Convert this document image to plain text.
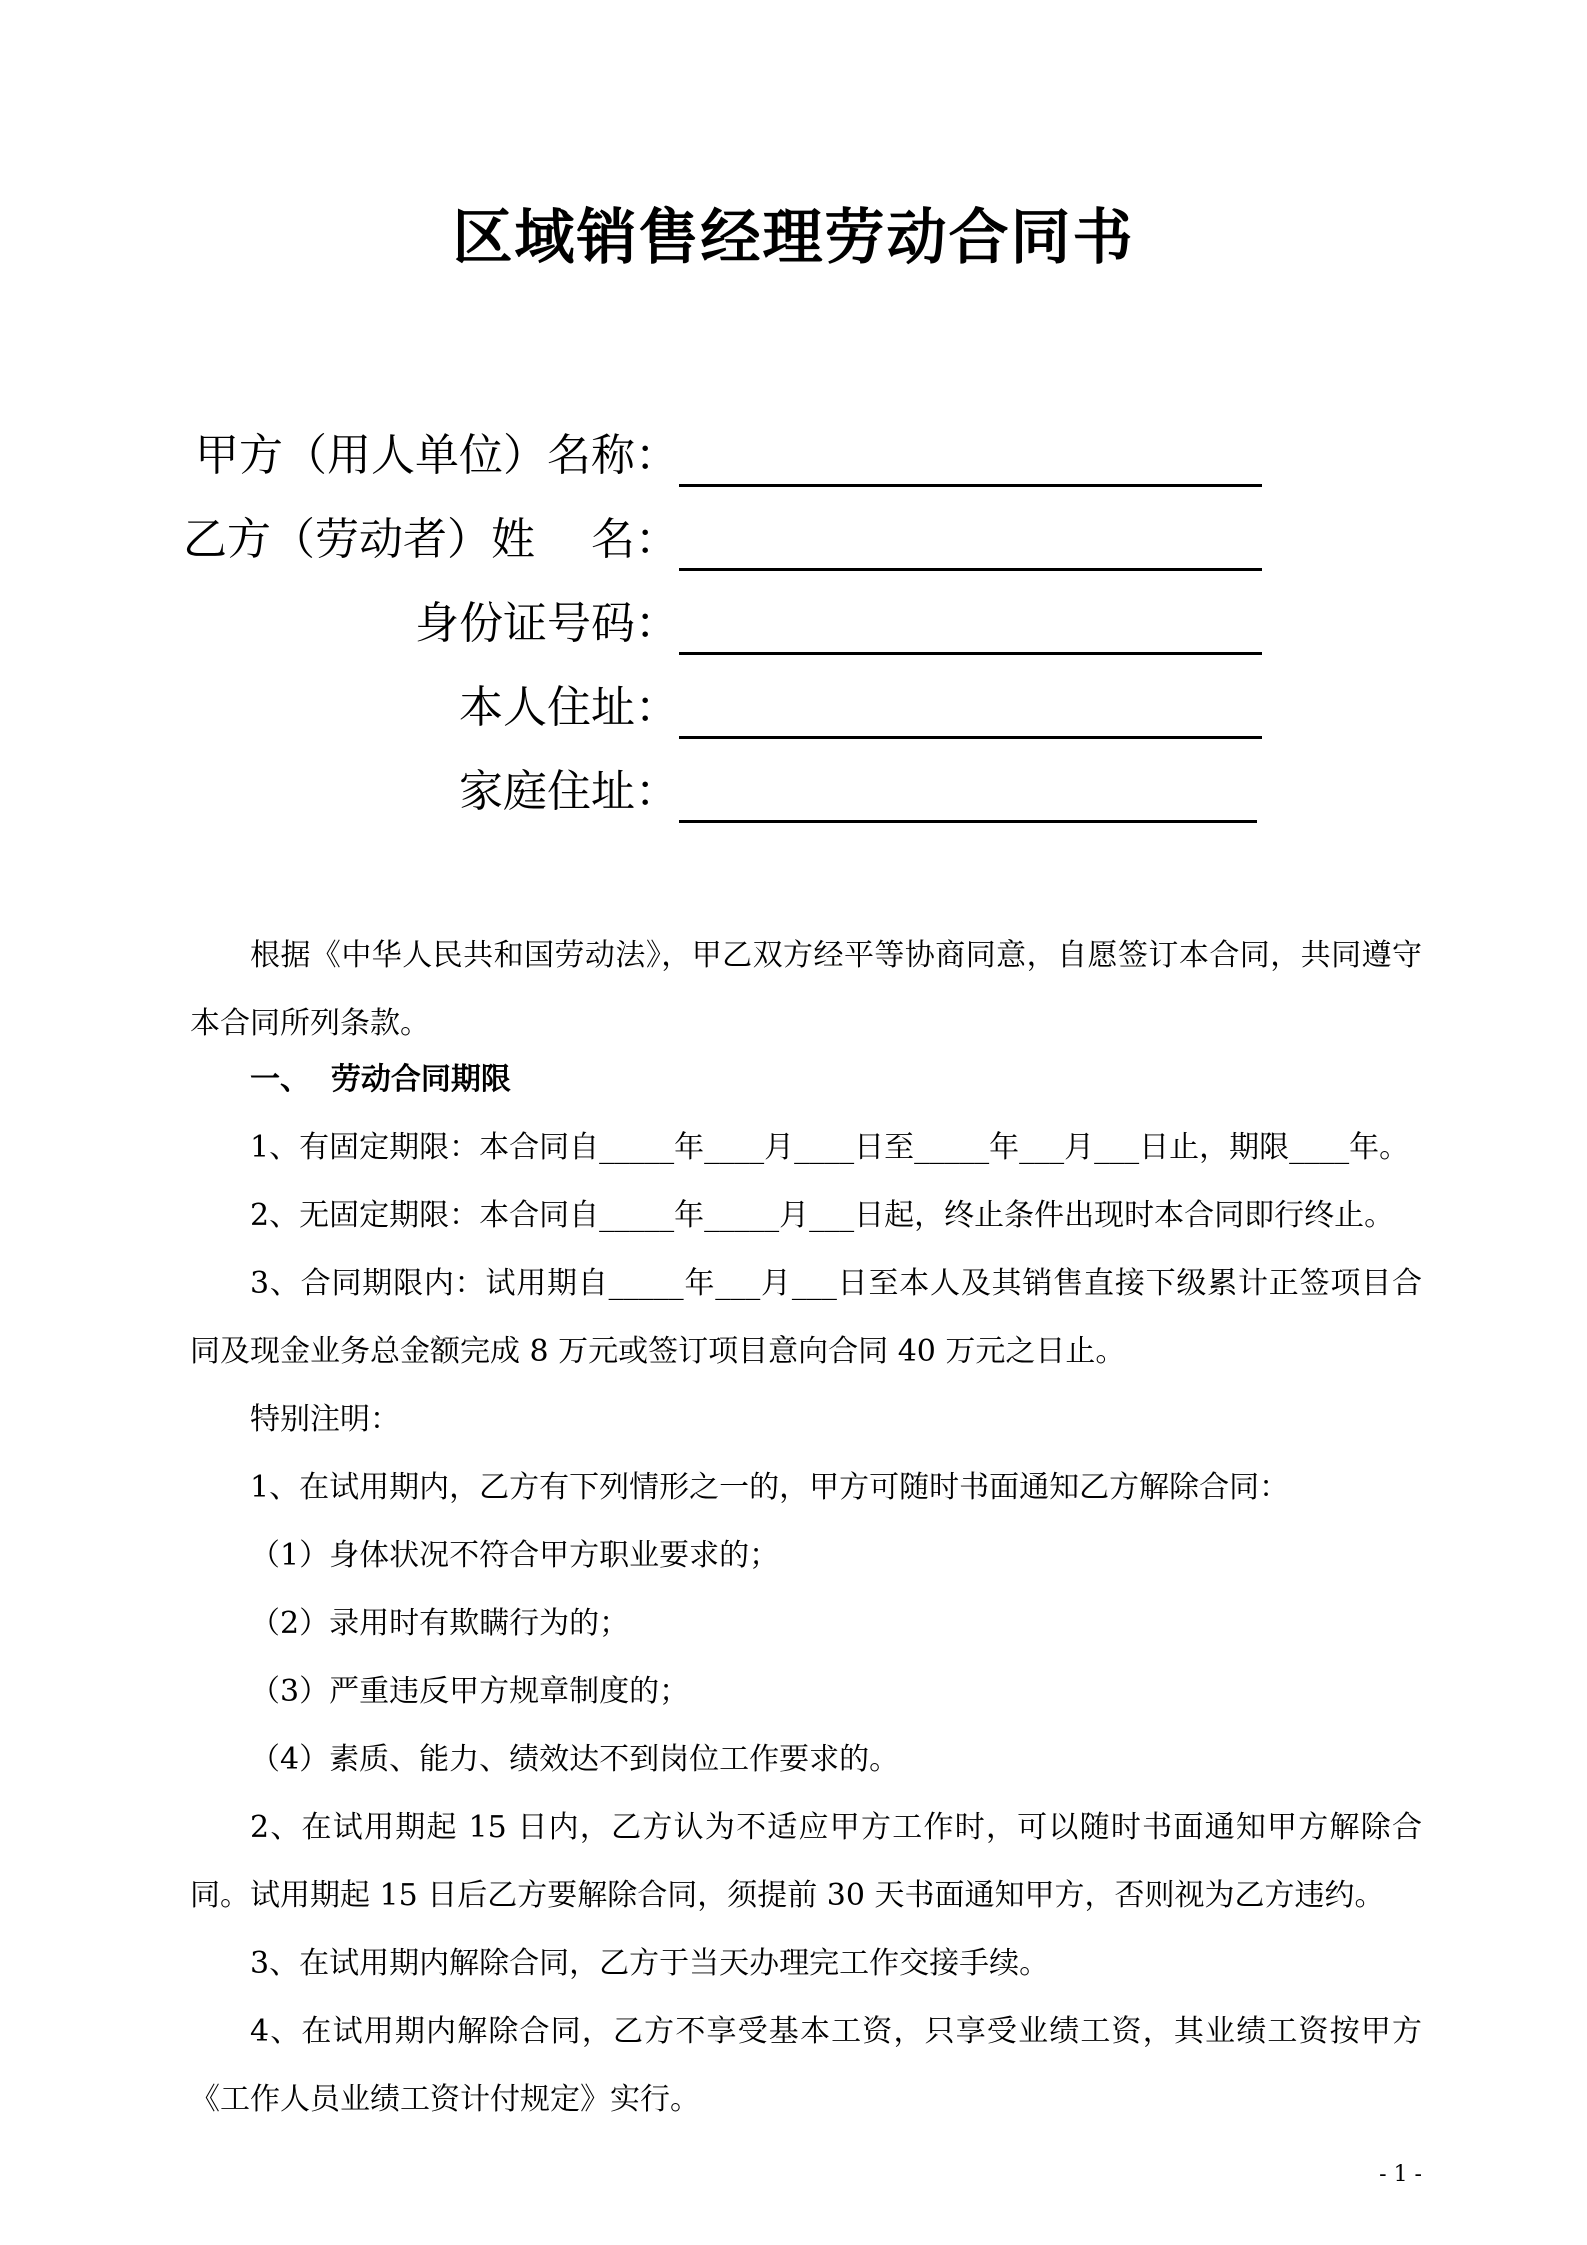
区域销售经理劳动合同书
甲方（用人单位）名称：
乙方（劳动者）姓    名：
身份证号码：
本人住址：
家庭住址：
根据《中华人民共和国劳动法》，甲乙双方经平等协商同意，自愿签订本合同，共同遵守本合同所列条款。
一、  劳动合同期限
1、有固定期限：本合同自_____年____月____日至_____年___月___日止，期限____年。
2、无固定期限：本合同自_____年_____月___日起，终止条件出现时本合同即行终止。
3、合同期限内：试用期自_____年___月___日至本人及其销售直接下级累计正签项目合同及现金业务总金额完成 8 万元或签订项目意向合同 40 万元之日止。
特别注明：
1、在试用期内，乙方有下列情形之一的，甲方可随时书面通知乙方解除合同：
（1）身体状况不符合甲方职业要求的；
（2）录用时有欺瞒行为的；
（3）严重违反甲方规章制度的；
（4）素质、能力、绩效达不到岗位工作要求的。
2、在试用期起 15 日内，乙方认为不适应甲方工作时，可以随时书面通知甲方解除合同。试用期起 15 日后乙方要解除合同，须提前 30 天书面通知甲方，否则视为乙方违约。
3、在试用期内解除合同，乙方于当天办理完工作交接手续。
4、在试用期内解除合同，乙方不享受基本工资，只享受业绩工资，其业绩工资按甲方《工作人员业绩工资计付规定》实行。
- 1 -
